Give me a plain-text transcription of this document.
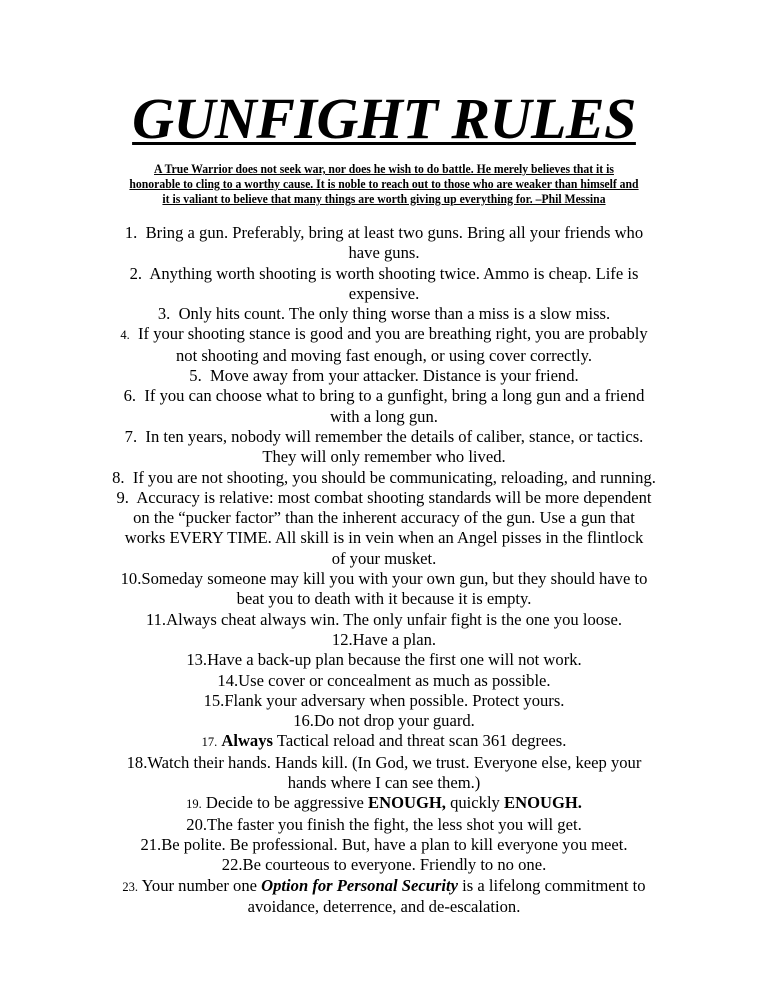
GUNFIGHT RULES
A True Warrior does not seek war, nor does he wish to do battle. He merely believes that it is
honorable to cling to a worthy cause. It is noble to reach out to those who are weaker than himself and
it is valiant to believe that many things are worth giving up everything for. –Phil Messina
1. Bring a gun. Preferably, bring at least two guns. Bring all your friends who
have guns.
2. Anything worth shooting is worth shooting twice. Ammo is cheap. Life is
expensive.
3. Only hits count. The only thing worse than a miss is a slow miss.
4. If your shooting stance is good and you are breathing right, you are probably
not shooting and moving fast enough, or using cover correctly.
5. Move away from your attacker. Distance is your friend.
6. If you can choose what to bring to a gunfight, bring a long gun and a friend
with a long gun.
7. In ten years, nobody will remember the details of caliber, stance, or tactics.
They will only remember who lived.
8. If you are not shooting, you should be communicating, reloading, and running.
9. Accuracy is relative: most combat shooting standards will be more dependent
on the “pucker factor” than the inherent accuracy of the gun. Use a gun that
works EVERY TIME. All skill is in vein when an Angel pisses in the flintlock
of your musket.
10.Someday someone may kill you with your own gun, but they should have to
beat you to death with it because it is empty.
11.Always cheat always win. The only unfair fight is the one you loose.
12.Have a plan.
13.Have a back-up plan because the first one will not work.
14.Use cover or concealment as much as possible.
15.Flank your adversary when possible. Protect yours.
16.Do not drop your guard.
17. Always Tactical reload and threat scan 361 degrees.
18.Watch their hands. Hands kill. (In God, we trust. Everyone else, keep your
hands where I can see them.)
19. Decide to be aggressive ENOUGH, quickly ENOUGH.
20.The faster you finish the fight, the less shot you will get.
21.Be polite. Be professional. But, have a plan to kill everyone you meet.
22.Be courteous to everyone. Friendly to no one.
23. Your number one Option for Personal Security is a lifelong commitment to
avoidance, deterrence, and de-escalation.
